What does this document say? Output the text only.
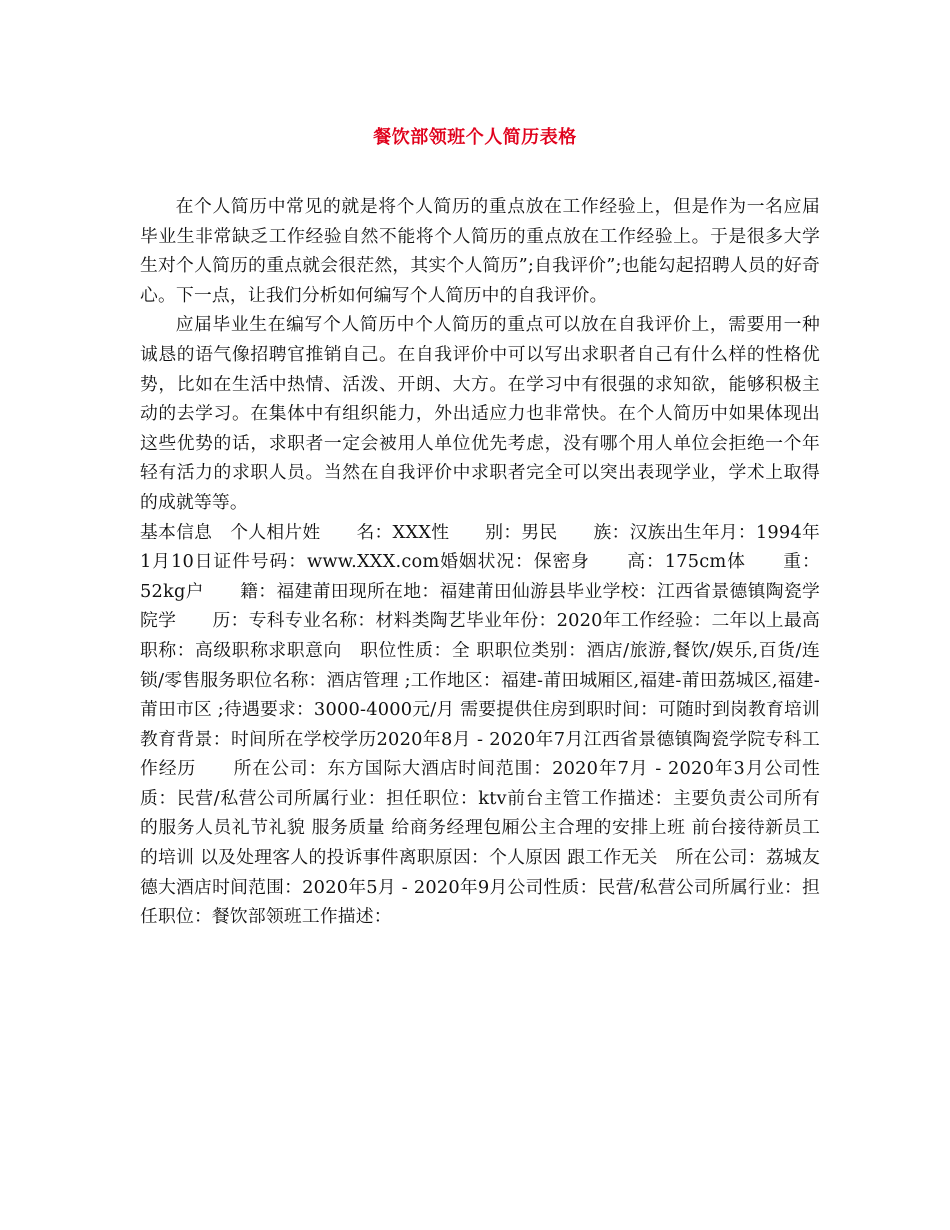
餐饮部领班个人简历表格

在个人简历中常见的就是将个人简历的重点放在工作经验上，但是作为一名应届毕业生非常缺乏工作经验自然不能将个人简历的重点放在工作经验上。于是很多大学生对个人简历的重点就会很茫然，其实个人简历”;自我评价”;也能勾起招聘人员的好奇心。下一点，让我们分析如何编写个人简历中的自我评价。

应届毕业生在编写个人简历中个人简历的重点可以放在自我评价上，需要用一种诚恳的语气像招聘官推销自己。在自我评价中可以写出求职者自己有什么样的性格优势，比如在生活中热情、活泼、开朗、大方。在学习中有很强的求知欲，能够积极主动的去学习。在集体中有组织能力，外出适应力也非常快。在个人简历中如果体现出这些优势的话，求职者一定会被用人单位优先考虑，没有哪个用人单位会拒绝一个年轻有活力的求职人员。当然在自我评价中求职者完全可以突出表现学业，学术上取得的成就等等。

基本信息　个人相片姓　　名：XXX性　　别：男民　　族：汉族出生年月：1994年1月10日证件号码：www.XXX.com婚姻状况：保密身　　高：175cm体　　重：52kg户　　籍：福建莆田现所在地：福建莆田仙游县毕业学校：江西省景德镇陶瓷学院学　　历：专科专业名称：材料类陶艺毕业年份：2020年工作经验：二年以上最高职称：高级职称求职意向　职位性质：全 职职位类别：酒店/旅游,餐饮/娱乐,百货/连锁/零售服务职位名称：酒店管理 ;工作地区：福建-莆田城厢区,福建-莆田荔城区,福建-莆田市区 ;待遇要求：3000-4000元/月 需要提供住房到职时间：可随时到岗教育培训　教育背景：时间所在学校学历2020年8月 - 2020年7月江西省景德镇陶瓷学院专科工作经历　　所在公司：东方国际大酒店时间范围：2020年7月 - 2020年3月公司性质：民营/私营公司所属行业：担任职位：ktv前台主管工作描述：主要负责公司所有的服务人员礼节礼貌 服务质量 给商务经理包厢公主合理的安排上班 前台接待新员工的培训 以及处理客人的投诉事件离职原因：个人原因 跟工作无关　所在公司：荔城友德大酒店时间范围：2020年5月 - 2020年9月公司性质：民营/私营公司所属行业：担任职位：餐饮部领班工作描述：
